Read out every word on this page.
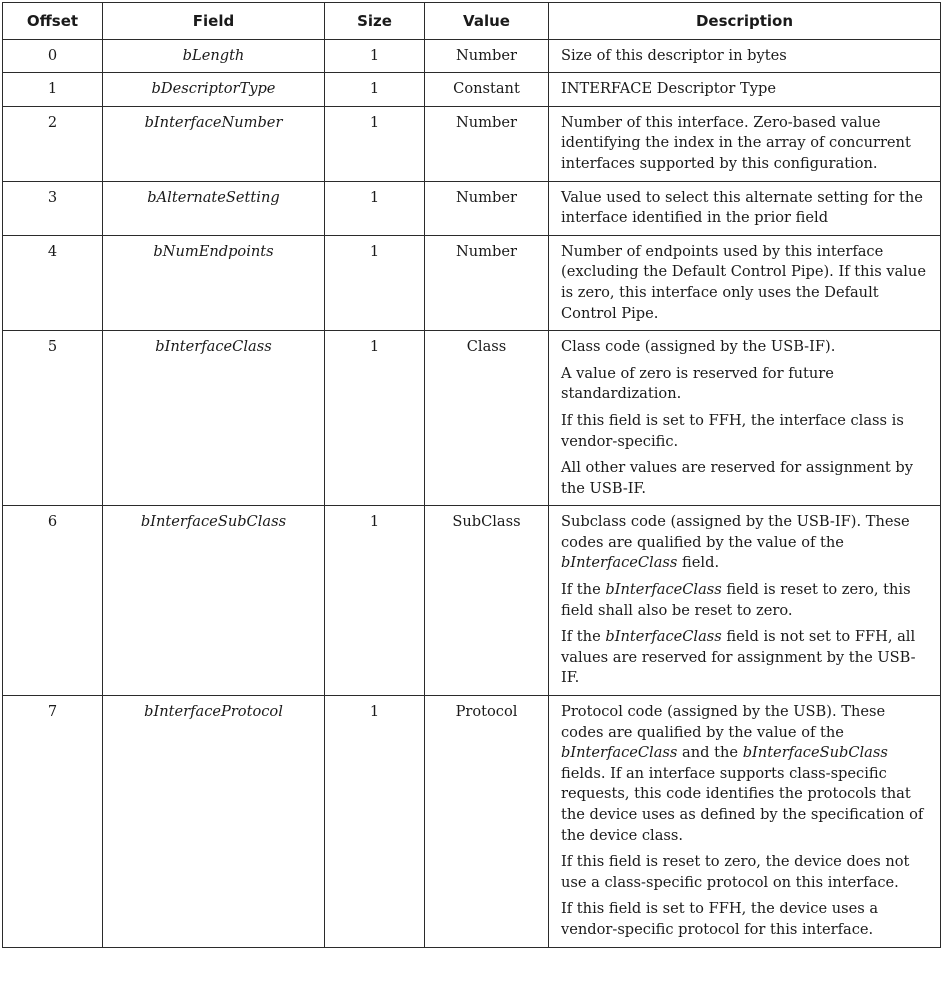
Offset	Field	Size	Value	Description
0	bLength	1	Number	Size of this descriptor in bytes

1	bDescriptorType	1	Constant	INTERFACE Descriptor Type

2	bInterfaceNumber	1	Number	Number of this interface. Zero-based value identifying the index in the array of concurrent interfaces supported by this configuration.

3	bAlternateSetting	1	Number	Value used to select this alternate setting for the interface identified in the prior field

4	bNumEndpoints	1	Number	Number of endpoints used by this interface (excluding the Default Control Pipe). If this value is zero, this interface only uses the Default Control Pipe.

5	bInterfaceClass	1	Class	Class code (assigned by the USB-IF).

A value of zero is reserved for future standardization.

If this field is set to FFH, the interface class is vendor-specific.

All other values are reserved for assignment by the USB-IF.

6	bInterfaceSubClass	1	SubClass	Subclass code (assigned by the USB-IF). These codes are qualified by the value of the bInterfaceClass field.

If the bInterfaceClass field is reset to zero, this field shall also be reset to zero.

If the bInterfaceClass field is not set to FFH, all values are reserved for assignment by the USB-IF.

7	bInterfaceProtocol	1	Protocol	Protocol code (assigned by the USB). These codes are qualified by the value of the bInterfaceClass and the bInterfaceSubClass fields. If an interface supports class-specific requests, this code identifies the protocols that the device uses as defined by the specification of the device class.

If this field is reset to zero, the device does not use a class-specific protocol on this interface.

If this field is set to FFH, the device uses a vendor-specific protocol for this interface.
